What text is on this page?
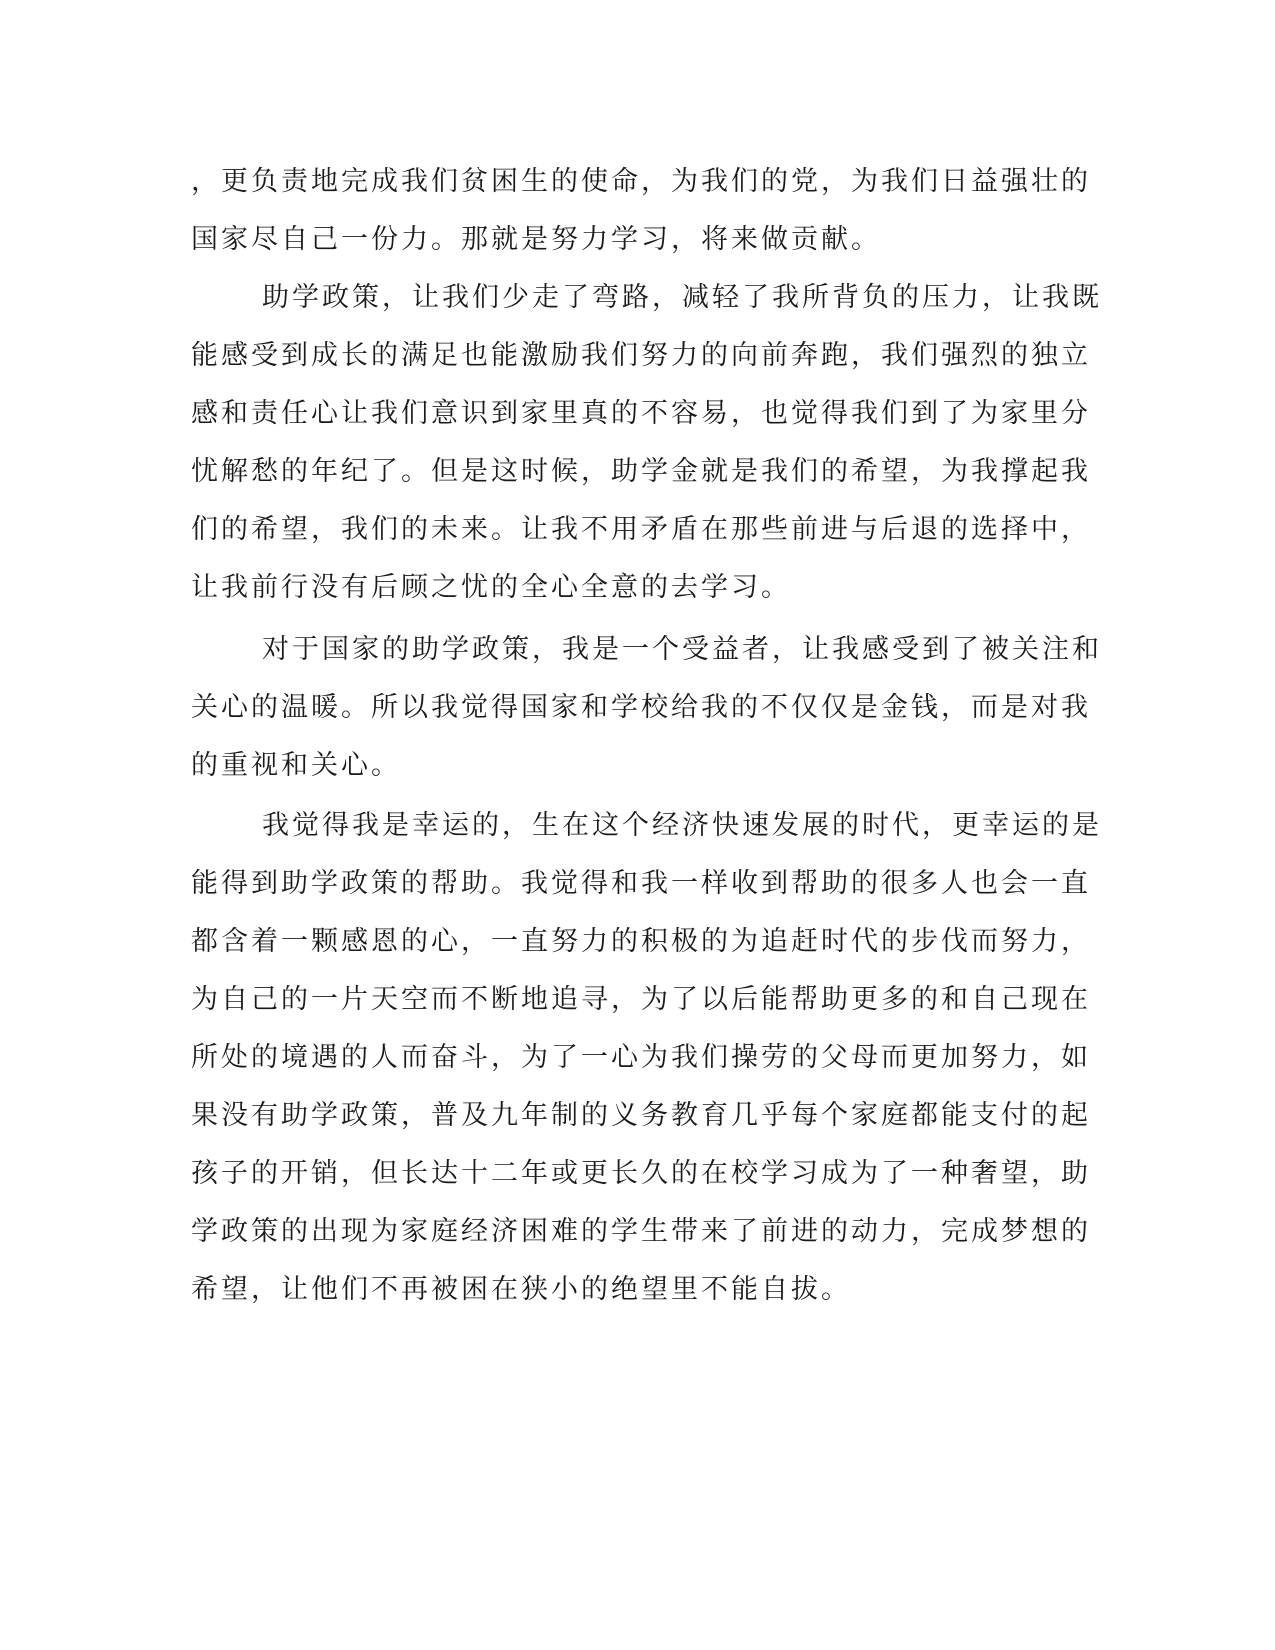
，更负责地完成我们贫困生的使命，为我们的党，为我们日益强壮的
国家尽自己一份力。那就是努力学习，将来做贡献。
助学政策，让我们少走了弯路，减轻了我所背负的压力，让我既
能感受到成长的满足也能激励我们努力的向前奔跑，我们强烈的独立
感和责任心让我们意识到家里真的不容易，也觉得我们到了为家里分
忧解愁的年纪了。但是这时候，助学金就是我们的希望，为我撑起我
们的希望，我们的未来。让我不用矛盾在那些前进与后退的选择中，
让我前行没有后顾之忧的全心全意的去学习。
对于国家的助学政策，我是一个受益者，让我感受到了被关注和
关心的温暖。所以我觉得国家和学校给我的不仅仅是金钱，而是对我
的重视和关心。
我觉得我是幸运的，生在这个经济快速发展的时代，更幸运的是
能得到助学政策的帮助。我觉得和我一样收到帮助的很多人也会一直
都含着一颗感恩的心，一直努力的积极的为追赶时代的步伐而努力，
为自己的一片天空而不断地追寻，为了以后能帮助更多的和自己现在
所处的境遇的人而奋斗，为了一心为我们操劳的父母而更加努力，如
果没有助学政策，普及九年制的义务教育几乎每个家庭都能支付的起
孩子的开销，但长达十二年或更长久的在校学习成为了一种奢望，助
学政策的出现为家庭经济困难的学生带来了前进的动力，完成梦想的
希望，让他们不再被困在狭小的绝望里不能自拔。
